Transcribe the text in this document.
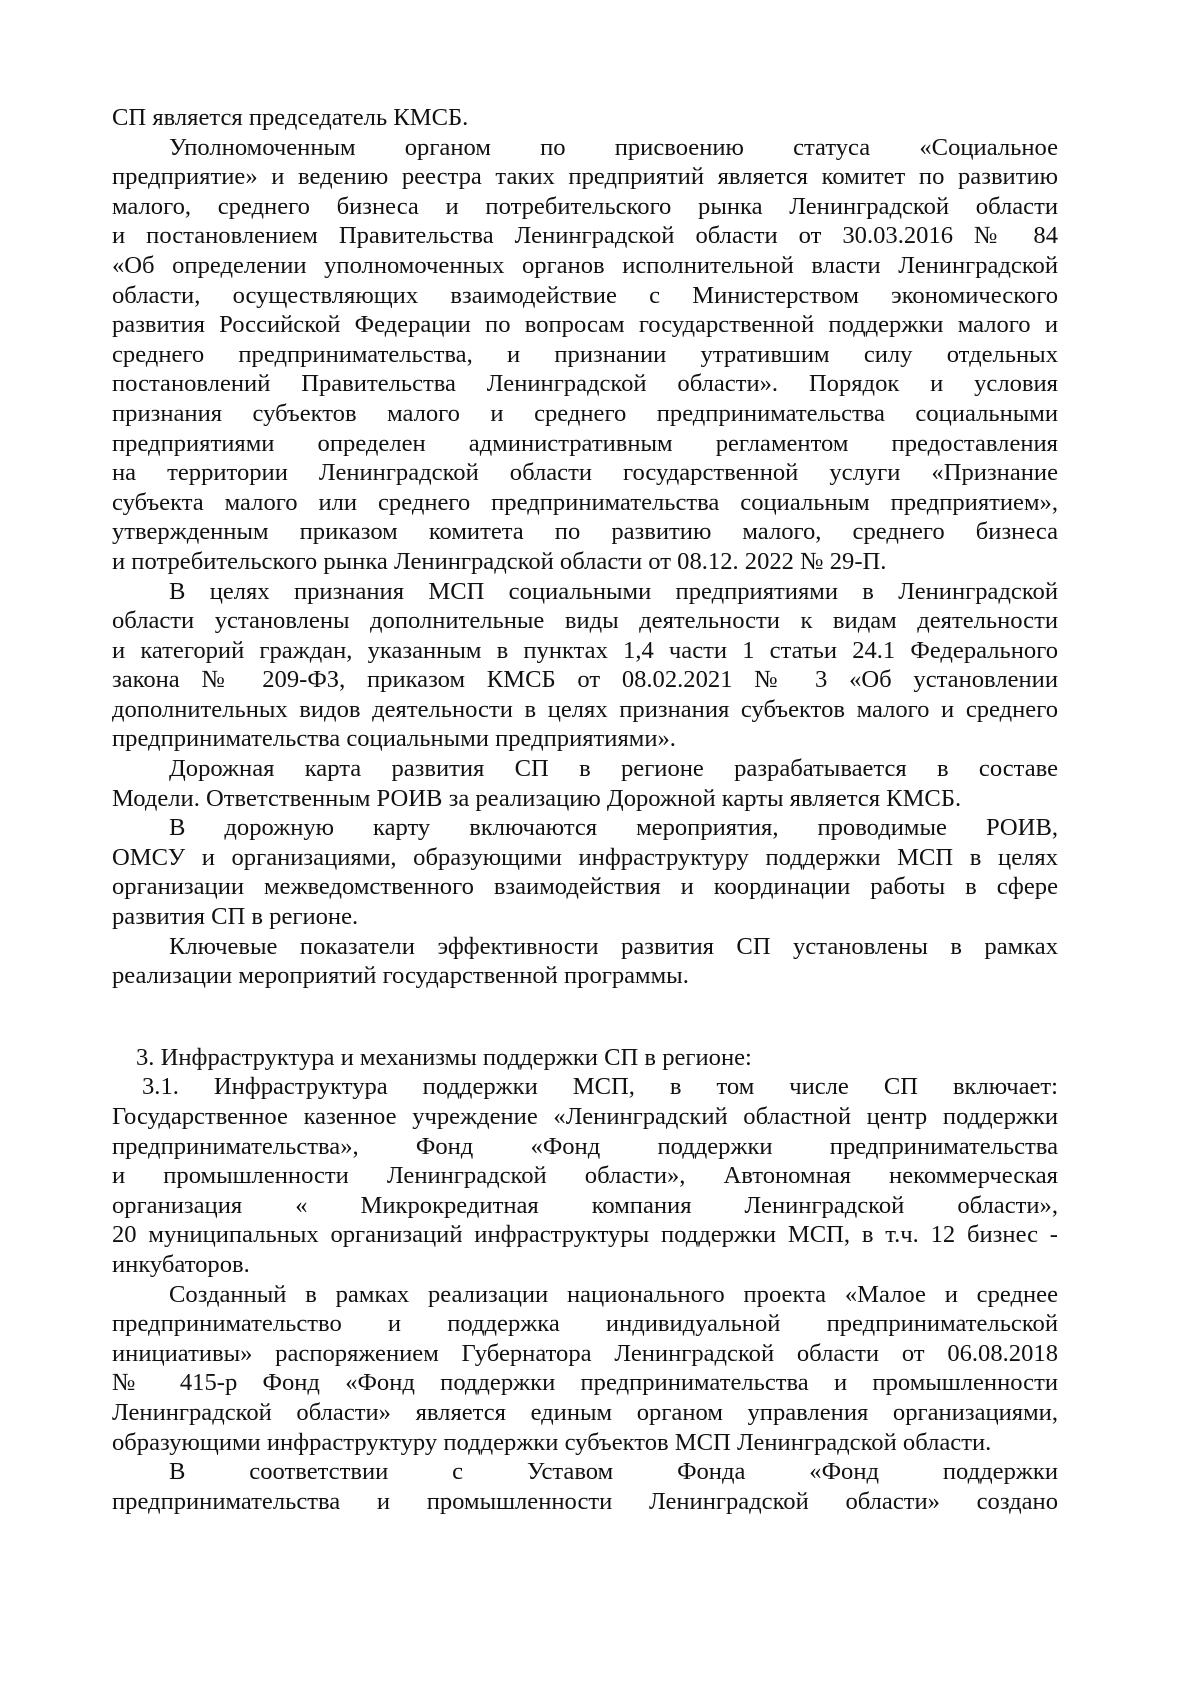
СП является председатель КМСБ.
Уполномоченным органом по присвоению статуса «Социальное
предприятие» и ведению реестра таких предприятий является комитет по развитию
малого, среднего бизнеса и потребительского рынка Ленинградской области
и постановлением Правительства Ленинградской области от 30.03.2016 № 84
«Об определении уполномоченных органов исполнительной власти Ленинградской
области, осуществляющих взаимодействие с Министерством экономического
развития Российской Федерации по вопросам государственной поддержки малого и
среднего предпринимательства, и признании утратившим силу отдельных
постановлений Правительства Ленинградской области». Порядок и условия
признания субъектов малого и среднего предпринимательства социальными
предприятиями определен административным регламентом предоставления
на территории Ленинградской области государственной услуги «Признание
субъекта малого или среднего предпринимательства социальным предприятием»,
утвержденным приказом комитета по развитию малого, среднего бизнеса
и потребительского рынка Ленинградской области от 08.12. 2022 № 29-П.
В целях признания МСП социальными предприятиями в Ленинградской
области установлены дополнительные виды деятельности к видам деятельности
и категорий граждан, указанным в пунктах 1,4 части 1 статьи 24.1 Федерального
закона № 209-ФЗ, приказом КМСБ от 08.02.2021 № 3 «Об установлении
дополнительных видов деятельности в целях признания субъектов малого и среднего
предпринимательства социальными предприятиями».
Дорожная карта развития СП в регионе разрабатывается в составе
Модели. Ответственным РОИВ за реализацию Дорожной карты является КМСБ.
В дорожную карту включаются мероприятия, проводимые РОИВ,
ОМСУ и организациями, образующими инфраструктуру поддержки МСП в целях
организации межведомственного взаимодействия и координации работы в сфере
развития СП в регионе.
Ключевые показатели эффективности развития СП установлены в рамках
реализации мероприятий государственной программы.
3. Инфраструктура и механизмы поддержки СП в регионе:
3.1. Инфраструктура поддержки МСП, в том числе СП включает:
Государственное казенное учреждение «Ленинградский областной центр поддержки
предпринимательства», Фонд «Фонд поддержки предпринимательства
и промышленности Ленинградской области», Автономная некоммерческая
организация « Микрокредитная компания Ленинградской области»,
20 муниципальных организаций инфраструктуры поддержки МСП, в т.ч. 12 бизнес -
инкубаторов.
Созданный в рамках реализации национального проекта «Малое и среднее
предпринимательство и поддержка индивидуальной предпринимательской
инициативы» распоряжением Губернатора Ленинградской области от 06.08.2018
№ 415-р Фонд «Фонд поддержки предпринимательства и промышленности
Ленинградской области» является единым органом управления организациями,
образующими инфраструктуру поддержки субъектов МСП Ленинградской области.
В соответствии с Уставом Фонда «Фонд поддержки
предпринимательства и промышленности Ленинградской области» создано
